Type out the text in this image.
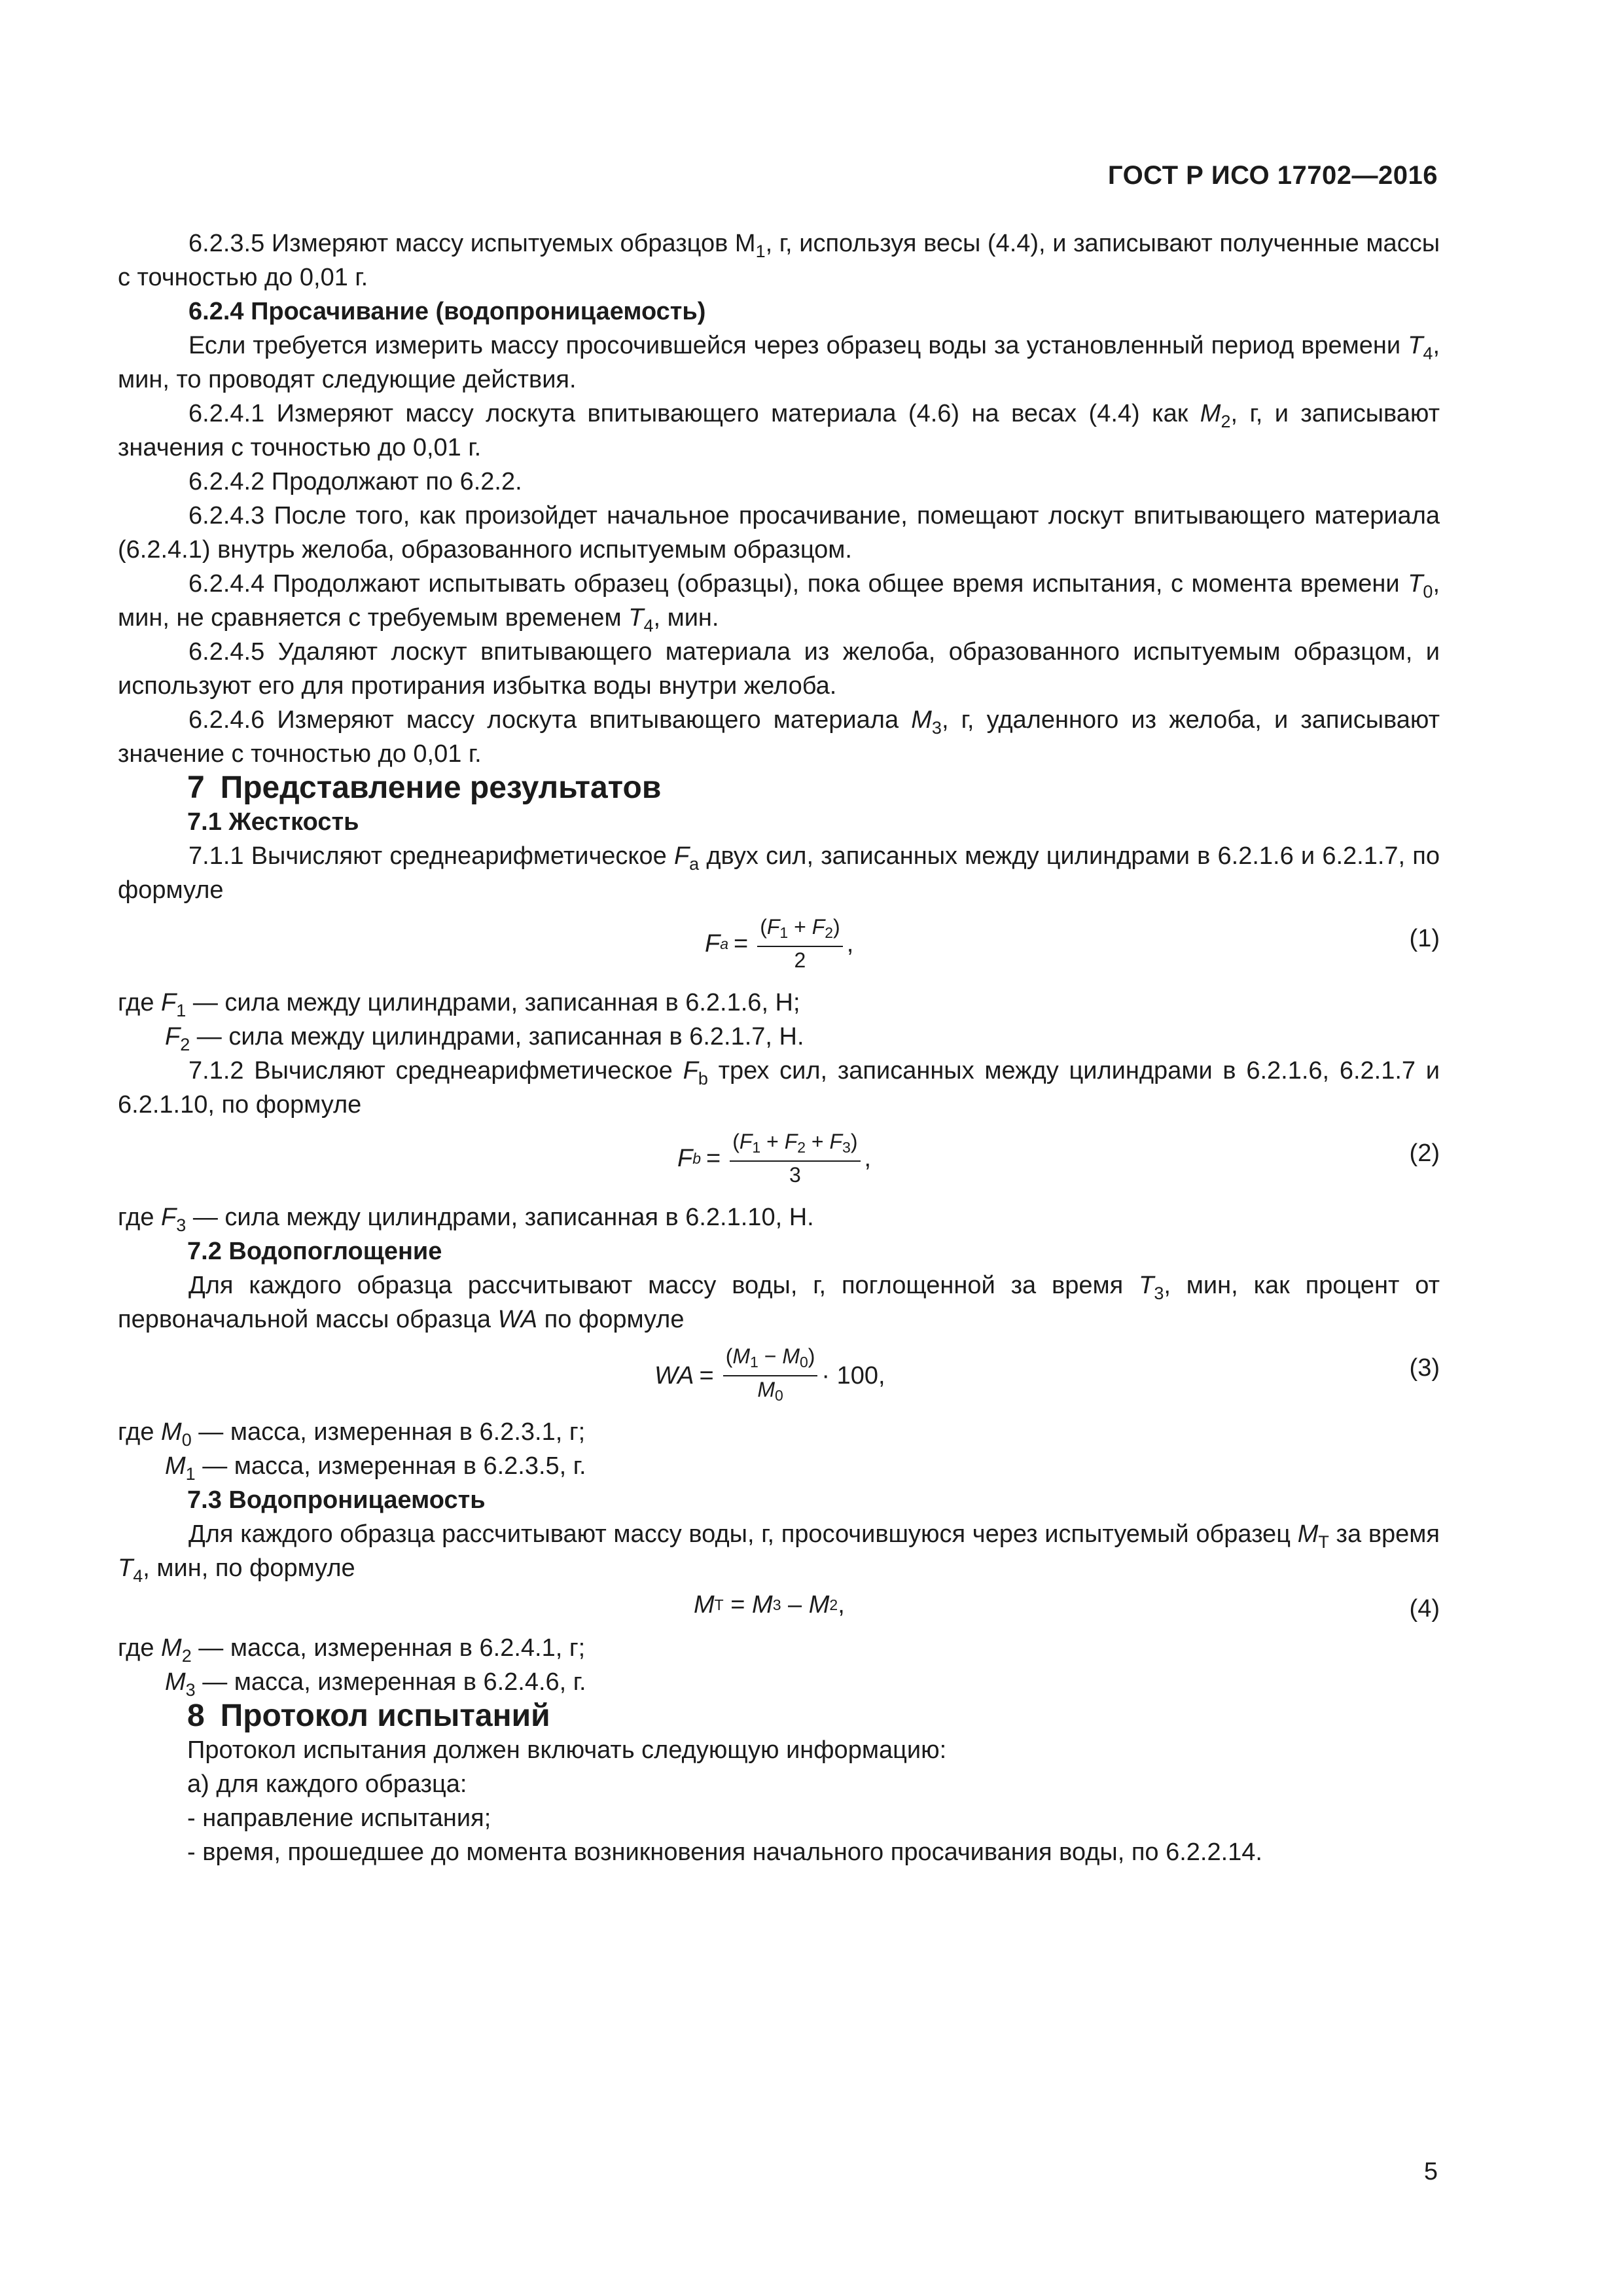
ГОСТ Р ИСО 17702—2016

6.2.3.5 Измеряют массу испытуемых образцов $М_1$, г, используя весы (4.4), и записывают полученные массы с точностью до 0,01 г.

6.2.4 Просачивание (водопроницаемость)

Если требуется измерить массу просочившейся через образец воды за установленный период времени $T_4$, мин, то проводят следующие действия.

6.2.4.1 Измеряют массу лоскута впитывающего материала (4.6) на весах (4.4) как $M_2$, г, и записывают значения с точностью до 0,01 г.

6.2.4.2 Продолжают по 6.2.2.

6.2.4.3 После того, как произойдет начальное просачивание, помещают лоскут впитывающего материала (6.2.4.1) внутрь желоба, образованного испытуемым образцом.

6.2.4.4 Продолжают испытывать образец (образцы), пока общее время испытания, с момента времени $T_0$, мин, не сравняется с требуемым временем $T_4$, мин.

6.2.4.5 Удаляют лоскут впитывающего материала из желоба, образованного испытуемым образцом, и используют его для протирания избытка воды внутри желоба.

6.2.4.6 Измеряют массу лоскута впитывающего материала $M_3$, г, удаленного из желоба, и записывают значение с точностью до 0,01 г.

7 Представление результатов
7.1 Жесткость

7.1.1 Вычисляют среднеарифметическое $F_a$ двух сил, записанных между цилиндрами в 6.2.1.6 и 6.2.1.7, по формуле

F $a = \frac{(F1 + F2)}{2}$ ,	(1)

где $F_1$ — сила между цилиндрами, записанная в 6.2.1.6, Н;

$F_2$ — сила между цилиндрами, записанная в 6.2.1.7, Н.

7.1.2 Вычисляют среднеарифметическое $F_b$ трех сил, записанных между цилиндрами в 6.2.1.6, 6.2.1.7 и 6.2.1.10, по формуле

F $b = \frac{(F1 + F2 + F3)}{3}$ ,	(2)

где $F_3$ — сила между цилиндрами, записанная в 6.2.1.10, Н.

7.2 Водопоглощение

Для каждого образца рассчитывают массу воды, г, поглощенной за время $T_3$, мин, как процент от первоначальной массы образца WA по формуле

WA = $\frac{(M1 - M0)}{M0} \cdot 100$,	(3)

где $M_0$ — масса, измеренная в 6.2.3.1, г;

$M_1$ — масса, измеренная в 6.2.3.5, г.

7.3 Водопроницаемость

Для каждого образца рассчитывают массу воды, г, просочившуюся через испытуемый образец $M_T$ за время $T_4$, мин, по формуле

M T = M 3 – M 2 ,	(4)

где $M_2$ — масса, измеренная в 6.2.4.1, г;

$M_3$ — масса, измеренная в 6.2.4.6, г.

8 Протокол испытаний

Протокол испытания должен включать следующую информацию:

а) для каждого образца:

- направление испытания;

- время, прошедшее до момента возникновения начального просачивания воды, по 6.2.2.14.

5
